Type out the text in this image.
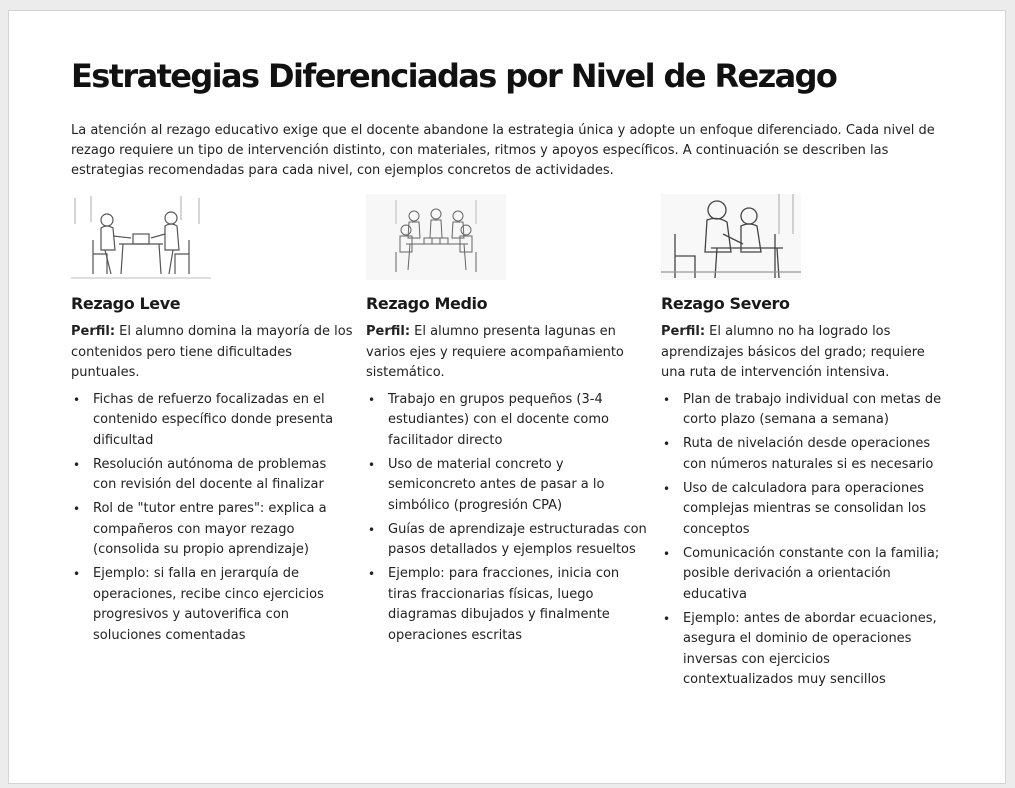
Estrategias Diferenciadas por Nivel de Rezago

La atención al rezago educativo exige que el docente abandone la estrategia única y adopte un enfoque diferenciado. Cada nivel de rezago requiere un tipo de intervención distinto, con materiales, ritmos y apoyos específicos. A continuación se describen las estrategias recomendadas para cada nivel, con ejemplos concretos de actividades.

Rezago Leve

Perfil: El alumno domina la mayoría de los contenidos pero tiene dificultades puntuales.

• Fichas de refuerzo focalizadas en el contenido específico donde presenta dificultad
• Resolución autónoma de problemas con revisión del docente al finalizar
• Rol de "tutor entre pares": explica a compañeros con mayor rezago (consolida su propio aprendizaje)
• Ejemplo: si falla en jerarquía de operaciones, recibe cinco ejercicios progresivos y autoverifica con soluciones comentadas
Rezago Medio

Perfil: El alumno presenta lagunas en varios ejes y requiere acompañamiento sistemático.

• Trabajo en grupos pequeños (3-4 estudiantes) con el docente como facilitador directo
• Uso de material concreto y semiconcreto antes de pasar a lo simbólico (progresión CPA)
• Guías de aprendizaje estructuradas con pasos detallados y ejemplos resueltos
• Ejemplo: para fracciones, inicia con tiras fraccionarias físicas, luego diagramas dibujados y finalmente operaciones escritas
Rezago Severo

Perfil: El alumno no ha logrado los aprendizajes básicos del grado; requiere una ruta de intervención intensiva.

• Plan de trabajo individual con metas de corto plazo (semana a semana)
• Ruta de nivelación desde operaciones con números naturales si es necesario
• Uso de calculadora para operaciones complejas mientras se consolidan los conceptos
• Comunicación constante con la familia; posible derivación a orientación educativa
• Ejemplo: antes de abordar ecuaciones, asegura el dominio de operaciones inversas con ejercicios contextualizados muy sencillos
